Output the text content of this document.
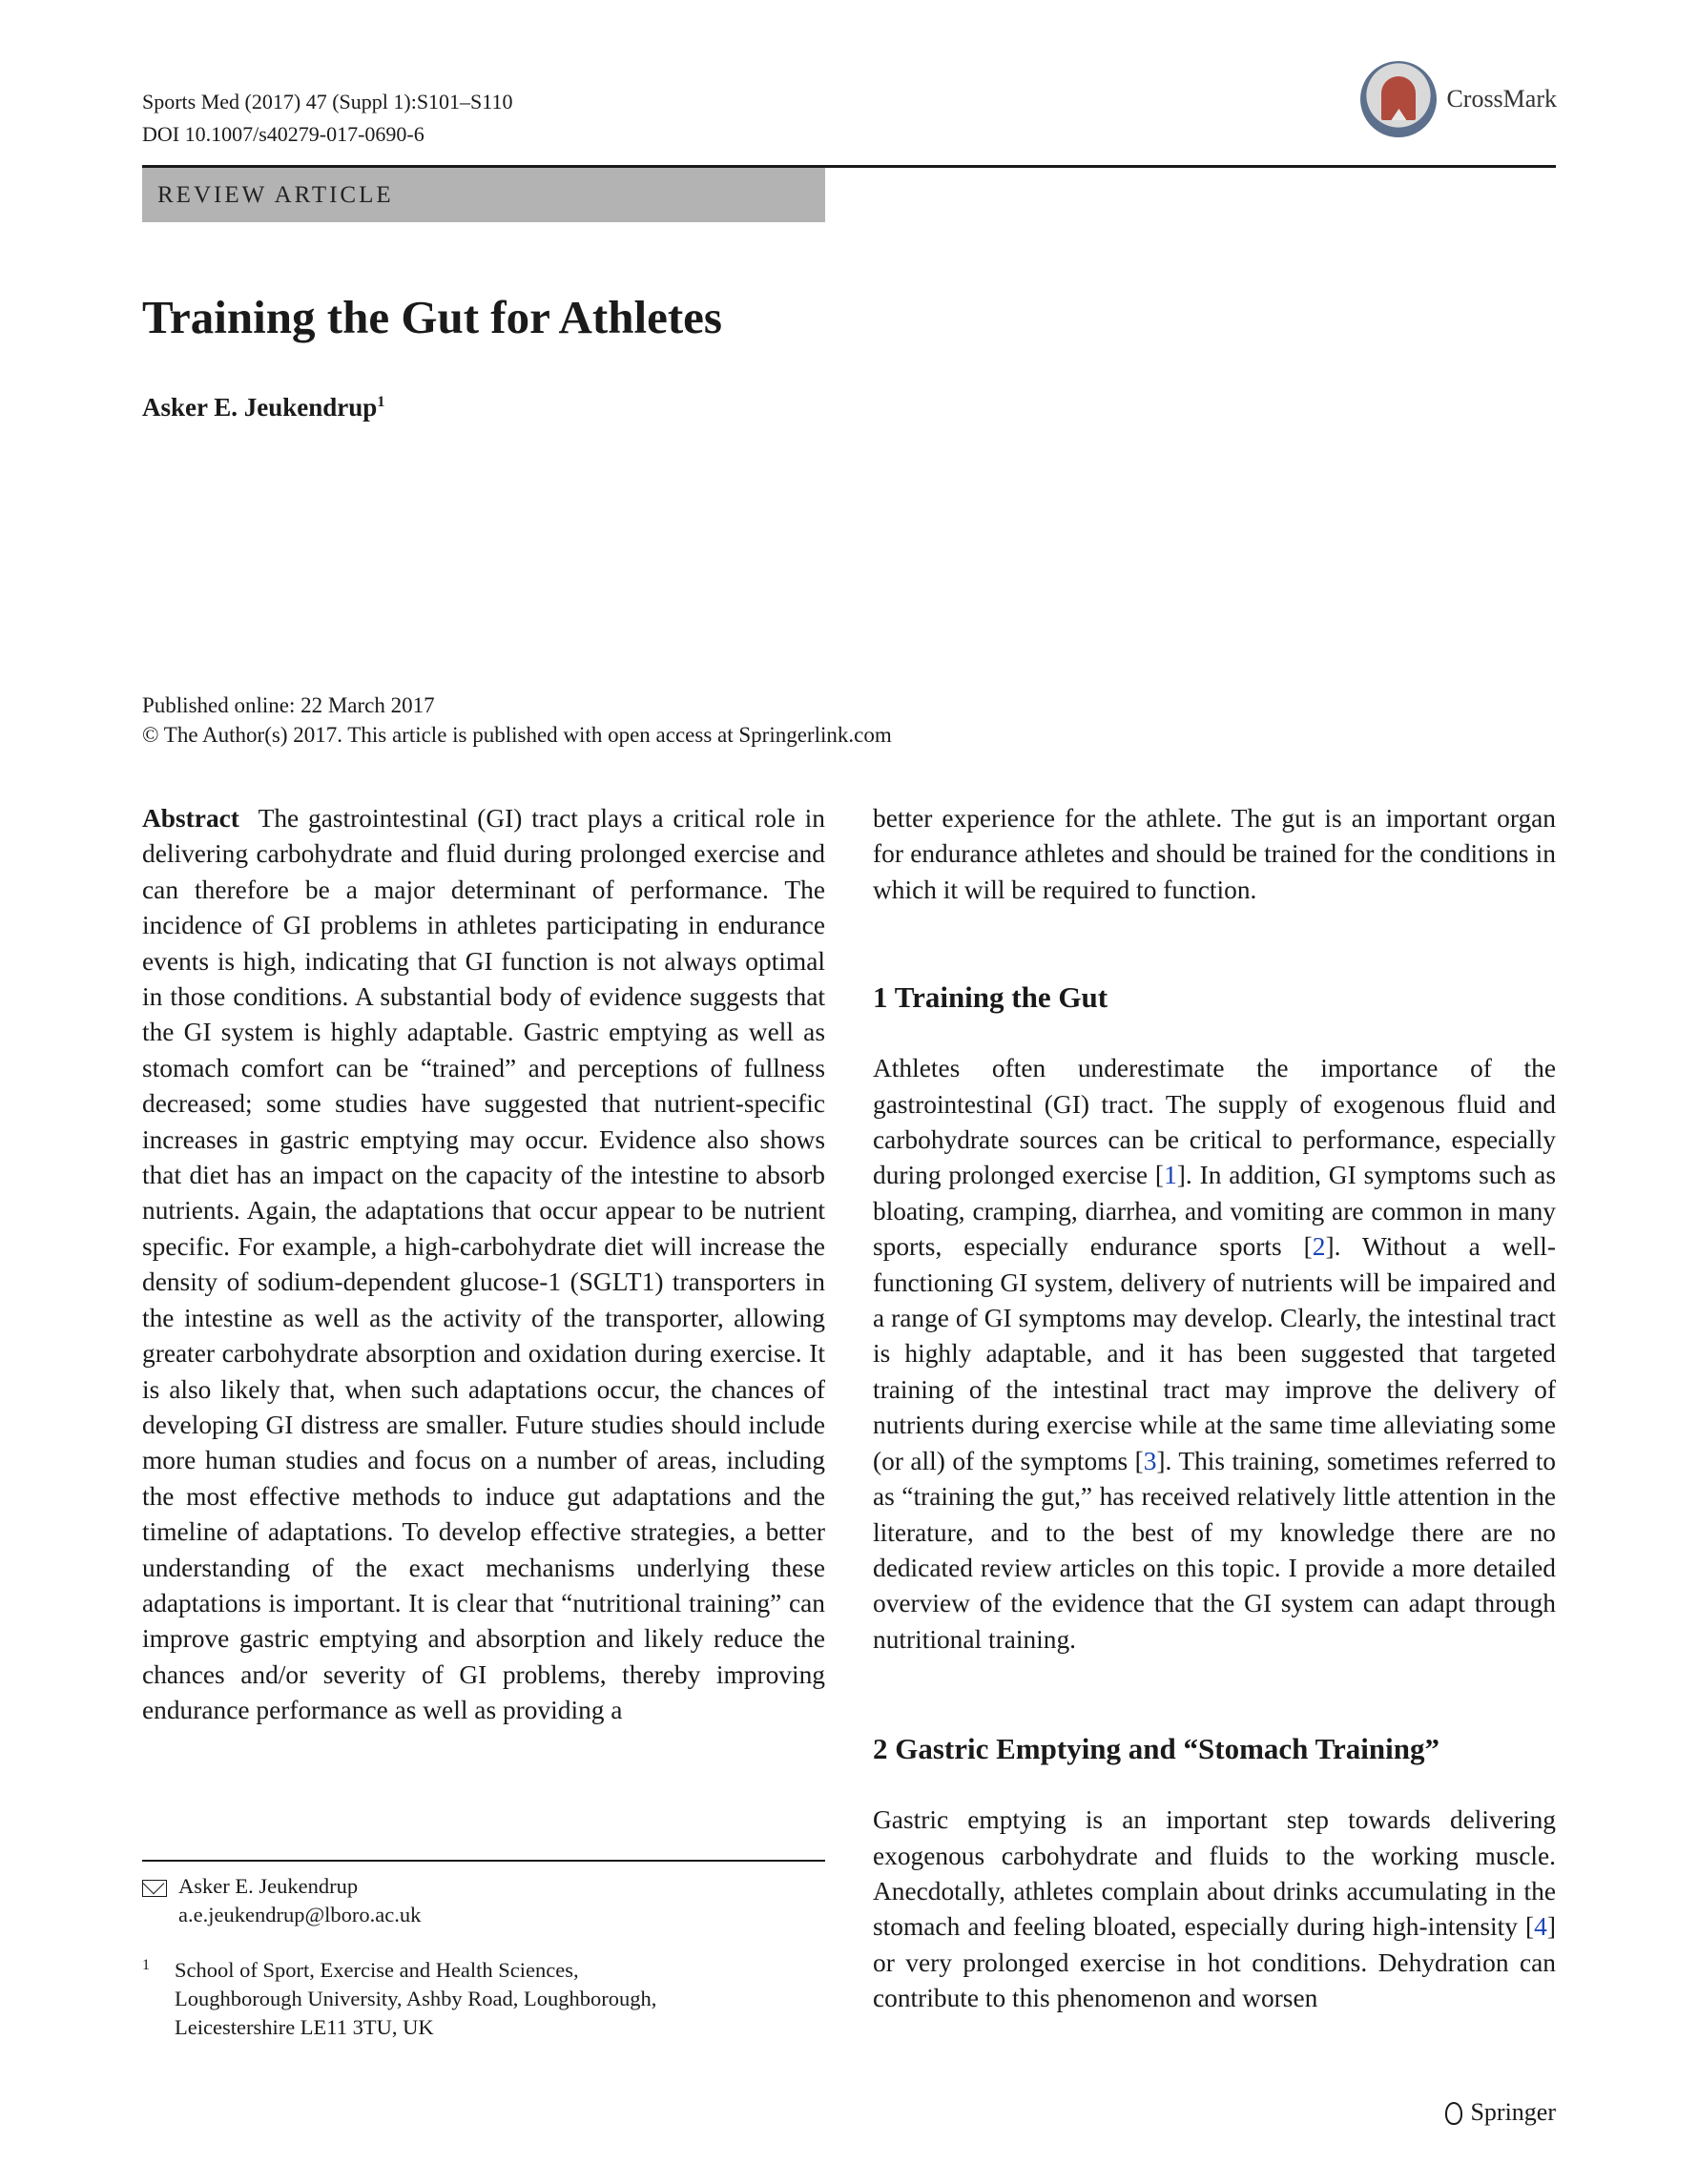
Sports Med (2017) 47 (Suppl 1):S101–S110
DOI 10.1007/s40279-017-0690-6
CrossMark
REVIEW ARTICLE
Training the Gut for Athletes
Asker E. Jeukendrup$^1$
Published online: 22 March 2017
© The Author(s) 2017. This article is published with open access at Springerlink.com

Abstract The gastrointestinal (GI) tract plays a critical role in delivering carbohydrate and fluid during prolonged exercise and can therefore be a major determinant of performance. The incidence of GI problems in athletes participating in endurance events is high, indicating that GI function is not always optimal in those conditions. A substantial body of evidence suggests that the GI system is highly adaptable. Gastric emptying as well as stomach comfort can be “trained” and perceptions of fullness decreased; some studies have suggested that nutrient-specific increases in gastric emptying may occur. Evidence also shows that diet has an impact on the capacity of the intestine to absorb nutrients. Again, the adaptations that occur appear to be nutrient specific. For example, a high-carbohydrate diet will increase the density of sodium-dependent glucose-1 (SGLT1) transporters in the intestine as well as the activity of the transporter, allowing greater carbohydrate absorption and oxidation during exercise. It is also likely that, when such adaptations occur, the chances of developing GI distress are smaller. Future studies should include more human studies and focus on a number of areas, including the most effective methods to induce gut adaptations and the timeline of adaptations. To develop effective strategies, a better understanding of the exact mechanisms underlying these adaptations is important. It is clear that “nutritional training” can improve gastric emptying and absorption and likely reduce the chances and/or severity of GI problems, thereby improving endurance performance as well as providing a

better experience for the athlete. The gut is an important organ for endurance athletes and should be trained for the conditions in which it will be required to function.

1 Training the Gut

Athletes often underestimate the importance of the gastrointestinal (GI) tract. The supply of exogenous fluid and carbohydrate sources can be critical to performance, especially during prolonged exercise [1]. In addition, GI symptoms such as bloating, cramping, diarrhea, and vomiting are common in many sports, especially endurance sports [2]. Without a well-functioning GI system, delivery of nutrients will be impaired and a range of GI symptoms may develop. Clearly, the intestinal tract is highly adaptable, and it has been suggested that targeted training of the intestinal tract may improve the delivery of nutrients during exercise while at the same time alleviating some (or all) of the symptoms [3]. This training, sometimes referred to as “training the gut,” has received relatively little attention in the literature, and to the best of my knowledge there are no dedicated review articles on this topic. I provide a more detailed overview of the evidence that the GI system can adapt through nutritional training.

2 Gastric Emptying and “Stomach Training”

Gastric emptying is an important step towards delivering exogenous carbohydrate and fluids to the working muscle. Anecdotally, athletes complain about drinks accumulating in the stomach and feeling bloated, especially during high-intensity [4] or very prolonged exercise in hot conditions. Dehydration can contribute to this phenomenon and worsen

Asker E. Jeukendrup
a.e.jeukendrup@lboro.ac.uk
1 School of Sport, Exercise and Health Sciences,
Loughborough University, Ashby Road, Loughborough,
Leicestershire LE11 3TU, UK
Springer
